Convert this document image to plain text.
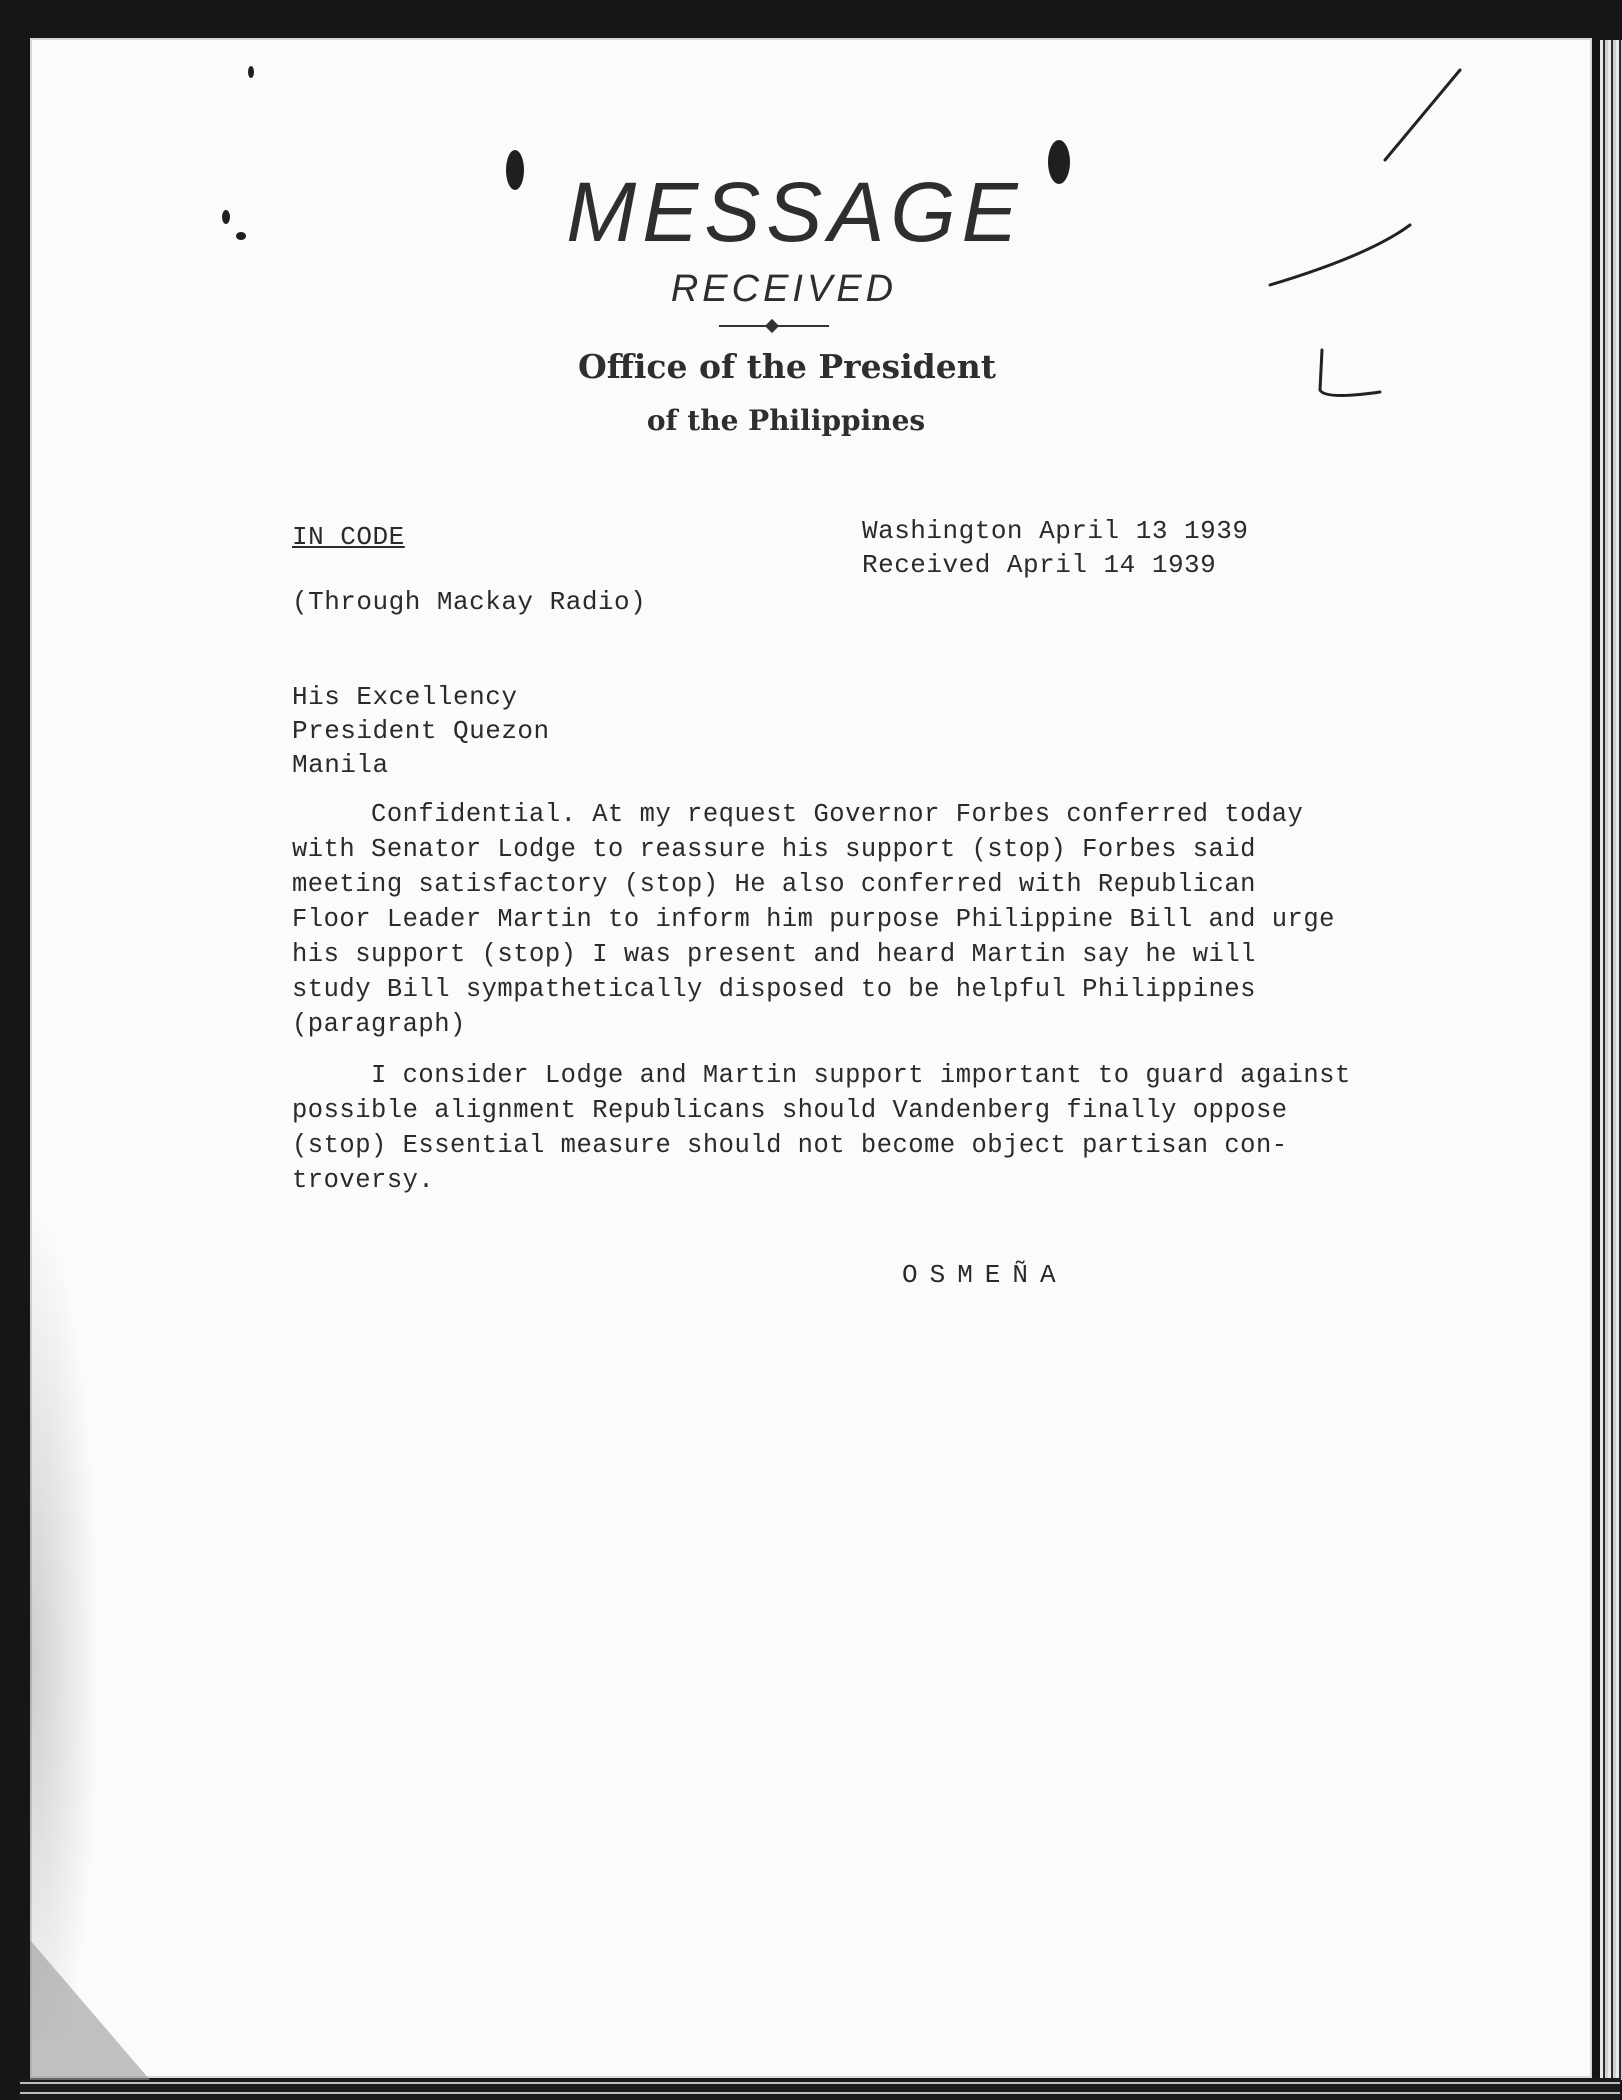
MESSAGE
RECEIVED
Office of the President
of the Philippines
IN CODE	Washington April 13 1939
Received April 14 1939
(Through Mackay Radio)
His Excellency
President Quezon
Manila
Confidential. At my request Governor Forbes conferred today
with Senator Lodge to reassure his support (stop) Forbes said
meeting satisfactory (stop) He also conferred with Republican
Floor Leader Martin to inform him purpose Philippine Bill and urge
his support (stop) I was present and heard Martin say he will
study Bill sympathetically disposed to be helpful Philippines
(paragraph)
I consider Lodge and Martin support important to guard against
possible alignment Republicans should Vandenberg finally oppose
(stop) Essential measure should not become object partisan con-
troversy.
OSMEÑA
